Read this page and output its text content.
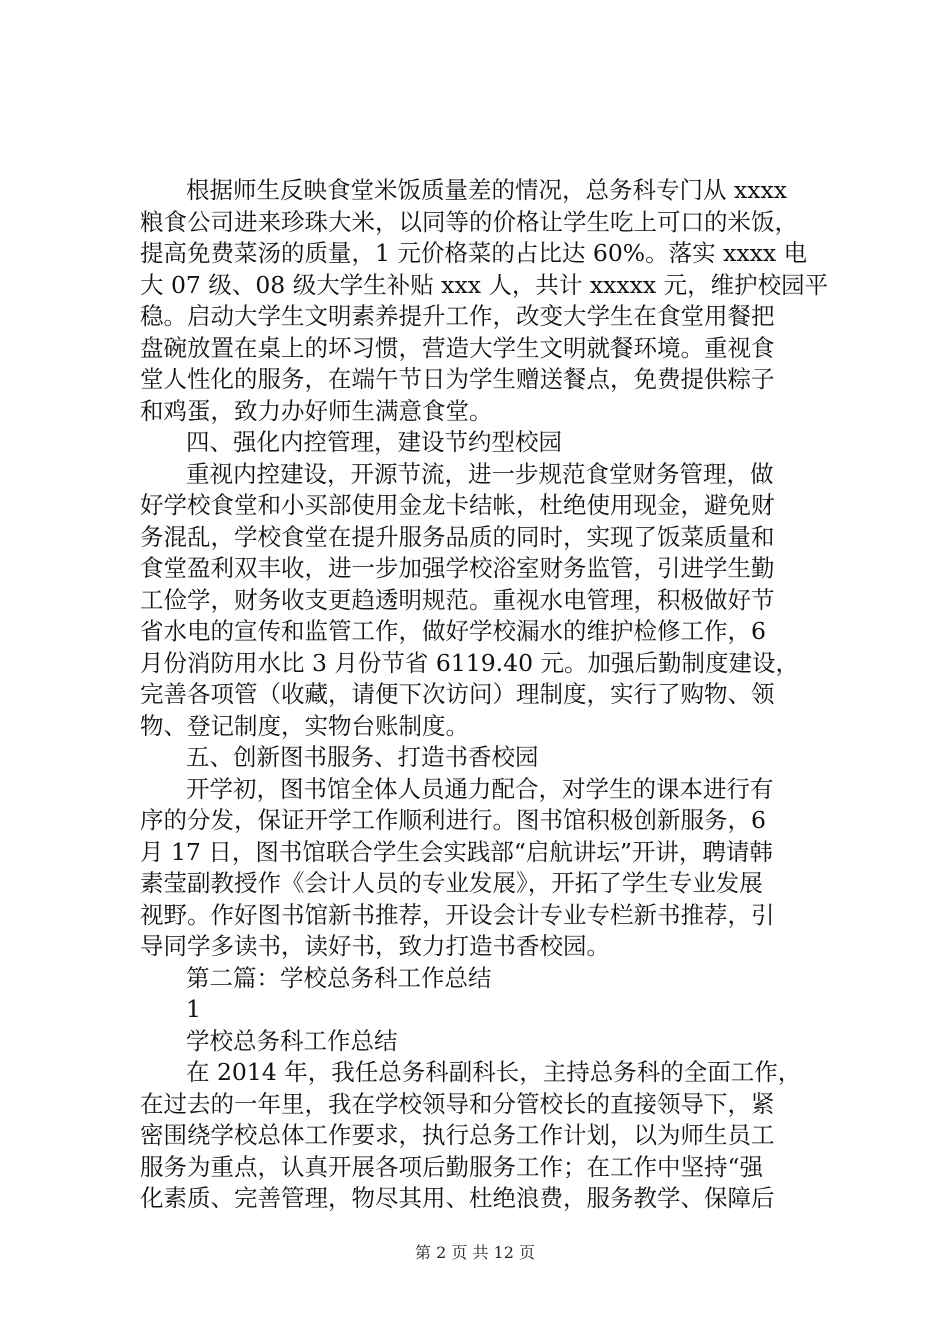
根据师生反映食堂米饭质量差的情况，总务科专门从 xxxx
粮食公司进来珍珠大米，以同等的价格让学生吃上可口的米饭，
提高免费菜汤的质量，1 元价格菜的占比达 60%。落实 xxxx 电
大 07 级、08 级大学生补贴 xxx 人，共计 xxxxx 元，维护校园平
稳。启动大学生文明素养提升工作，改变大学生在食堂用餐把
盘碗放置在桌上的坏习惯，营造大学生文明就餐环境。重视食
堂人性化的服务，在端午节日为学生赠送餐点，免费提供粽子
和鸡蛋，致力办好师生满意食堂。
四、强化内控管理，建设节约型校园
重视内控建设，开源节流，进一步规范食堂财务管理，做
好学校食堂和小买部使用金龙卡结帐，杜绝使用现金，避免财
务混乱，学校食堂在提升服务品质的同时，实现了饭菜质量和
食堂盈利双丰收，进一步加强学校浴室财务监管，引进学生勤
工俭学，财务收支更趋透明规范。重视水电管理，积极做好节
省水电的宣传和监管工作，做好学校漏水的维护检修工作，6
月份消防用水比 3 月份节省 6119.40 元。加强后勤制度建设，
完善各项管（收藏，请便下次访问）理制度，实行了购物、领
物、登记制度，实物台账制度。
五、创新图书服务、打造书香校园
开学初，图书馆全体人员通力配合，对学生的课本进行有
序的分发，保证开学工作顺利进行。图书馆积极创新服务，6
月 17 日，图书馆联合学生会实践部“启航讲坛”开讲，聘请韩
素莹副教授作《会计人员的专业发展》，开拓了学生专业发展
视野。作好图书馆新书推荐，开设会计专业专栏新书推荐，引
导同学多读书，读好书，致力打造书香校园。
第二篇：学校总务科工作总结
1
学校总务科工作总结
在 2014 年，我任总务科副科长，主持总务科的全面工作，
在过去的一年里，我在学校领导和分管校长的直接领导下，紧
密围绕学校总体工作要求，执行总务工作计划，以为师生员工
服务为重点，认真开展各项后勤服务工作；在工作中坚持“强
化素质、完善管理，物尽其用、杜绝浪费，服务教学、保障后
第 2 页 共 12 页
